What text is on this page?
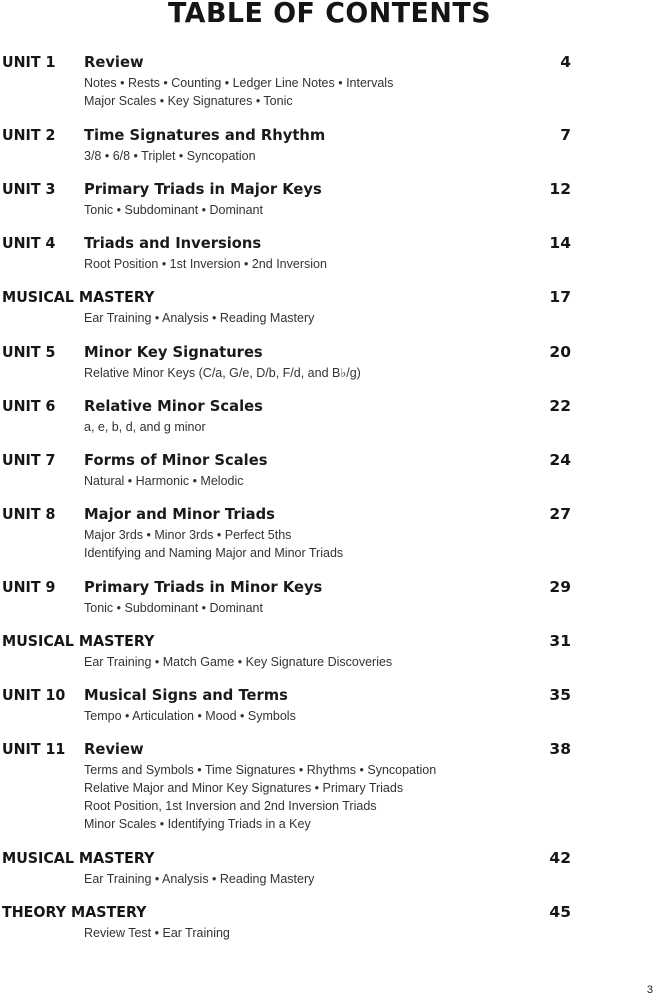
TABLE OF CONTENTS
UNIT 1 Review	4
Notes • Rests • Counting • Ledger Line Notes • Intervals
Major Scales • Key Signatures • Tonic
UNIT 2 Time Signatures and Rhythm	7
3/8 • 6/8 • Triplet • Syncopation
UNIT 3 Primary Triads in Major Keys	12
Tonic • Subdominant • Dominant
UNIT 4 Triads and Inversions	14
Root Position • 1st Inversion • 2nd Inversion
MUSICAL MASTERY	17
Ear Training • Analysis • Reading Mastery
UNIT 5 Minor Key Signatures	20
Relative Minor Keys (C/a, G/e, D/b, F/d, and B♭/g)
UNIT 6 Relative Minor Scales	22
a, e, b, d, and g minor
UNIT 7 Forms of Minor Scales	24
Natural • Harmonic • Melodic
UNIT 8 Major and Minor Triads	27
Major 3rds • Minor 3rds • Perfect 5ths
Identifying and Naming Major and Minor Triads
UNIT 9 Primary Triads in Minor Keys	29
Tonic • Subdominant • Dominant
MUSICAL MASTERY	31
Ear Training • Match Game • Key Signature Discoveries
UNIT 10 Musical Signs and Terms	35
Tempo • Articulation • Mood • Symbols
UNIT 11 Review	38
Terms and Symbols • Time Signatures • Rhythms • Syncopation
Relative Major and Minor Key Signatures • Primary Triads
Root Position, 1st Inversion and 2nd Inversion Triads
Minor Scales • Identifying Triads in a Key
MUSICAL MASTERY	42
Ear Training • Analysis • Reading Mastery
THEORY MASTERY	45
Review Test • Ear Training
3
